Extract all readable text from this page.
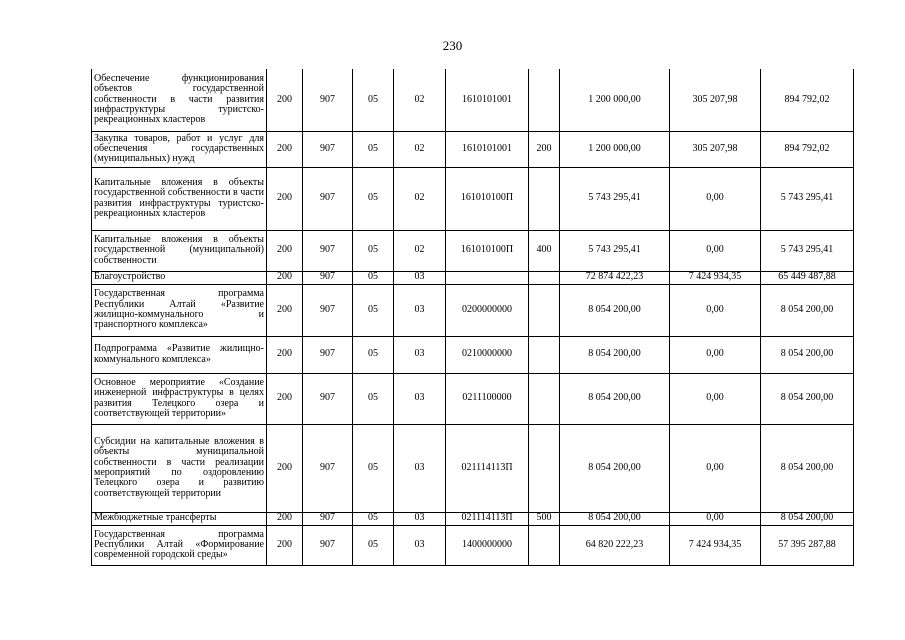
230
Обеспечение функционирования объектов государственной собственности в части развития инфраструктуры туристско-рекреационных кластеров	200	907	05	02	1610101001		1 200 000,00	305 207,98	894 792,02
Закупка товаров, работ и услуг для обеспечения государственных (муниципальных) нужд	200	907	05	02	1610101001	200	1 200 000,00	305 207,98	894 792,02
Капитальные вложения в объекты государственной собственности в части развития инфраструктуры туристско-рекреационных кластеров	200	907	05	02	161010100П		5 743 295,41	0,00	5 743 295,41
Капитальные вложения в объекты государственной (муниципальной) собственности	200	907	05	02	161010100П	400	5 743 295,41	0,00	5 743 295,41
Благоустройство	200	907	05	03			72 874 422,23	7 424 934,35	65 449 487,88
Государственная программа Республики Алтай «Развитие жилищно-коммунального и транспортного комплекса»	200	907	05	03	0200000000		8 054 200,00	0,00	8 054 200,00
Подпрограмма «Развитие жилищно-коммунального комплекса»	200	907	05	03	0210000000		8 054 200,00	0,00	8 054 200,00
Основное мероприятие «Создание инженерной инфраструктуры в целях развития Телецкого озера и соответствующей территории»	200	907	05	03	0211100000		8 054 200,00	0,00	8 054 200,00
Субсидии на капитальные вложения в объекты муниципальной собственности в части реализации мероприятий по оздоровлению Телецкого озера и развитию соответствующей территории	200	907	05	03	021114113П		8 054 200,00	0,00	8 054 200,00
Межбюджетные трансферты	200	907	05	03	021114113П	500	8 054 200,00	0,00	8 054 200,00
Государственная программа Республики Алтай «Формирование современной городской среды»	200	907	05	03	1400000000		64 820 222,23	7 424 934,35	57 395 287,88
